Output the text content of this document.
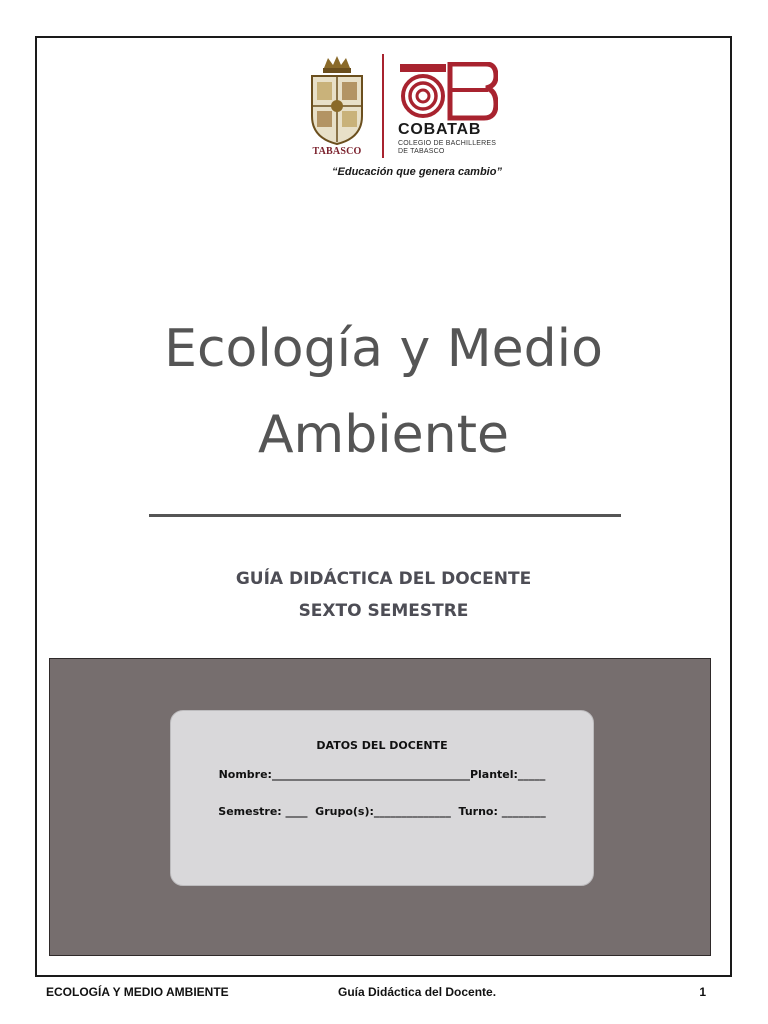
TABASCO
COBATAB
COLEGIO DE BACHILLERES
DE TABASCO
“Educación que genera cambio”
Ecología y Medio
Ambiente
GUÍA DIDÁCTICA DEL DOCENTE
SEXTO SEMESTRE
DATOS DEL DOCENTE
Nombre:____________________________________Plantel:_____
Semestre: ____  Grupo(s):______________  Turno: ________
ECOLOGÍA Y MEDIO AMBIENTE	Guía Didáctica del Docente.	1
